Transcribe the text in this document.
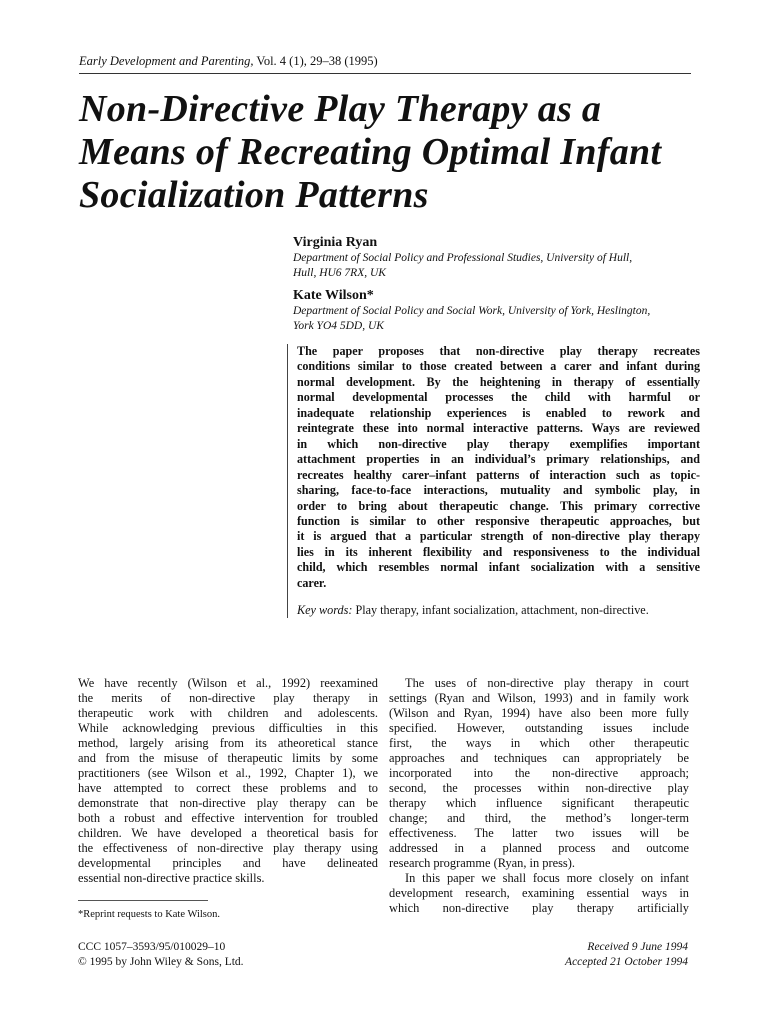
Early Development and Parenting, Vol. 4 (1), 29–38 (1995)
Non-Directive Play Therapy as a
Means of Recreating Optimal Infant
Socialization Patterns
Virginia Ryan
Department of Social Policy and Professional Studies, University of Hull,
Hull, HU6 7RX, UK
Kate Wilson*
Department of Social Policy and Social Work, University of York, Heslington,
York YO4 5DD, UK
The paper proposes that non-directive play therapy recreates
conditions similar to those created between a carer and infant during
normal development. By the heightening in therapy of essentially
normal developmental processes the child with harmful or
inadequate relationship experiences is enabled to rework and
reintegrate these into normal interactive patterns. Ways are reviewed
in which non-directive play therapy exemplifies important
attachment properties in an individual’s primary relationships, and
recreates healthy carer–infant patterns of interaction such as topic-
sharing, face-to-face interactions, mutuality and symbolic play, in
order to bring about therapeutic change. This primary corrective
function is similar to other responsive therapeutic approaches, but
it is argued that a particular strength of non-directive play therapy
lies in its inherent flexibility and responsiveness to the individual
child, which resembles normal infant socialization with a sensitive
carer.
Key words: Play therapy, infant socialization, attachment, non-directive.
We have recently (Wilson et al., 1992) reexamined
the merits of non-directive play therapy in
therapeutic work with children and adolescents.
While acknowledging previous difficulties in this
method, largely arising from its atheoretical stance
and from the misuse of therapeutic limits by some
practitioners (see Wilson et al., 1992, Chapter 1), we
have attempted to correct these problems and to
demonstrate that non-directive play therapy can be
both a robust and effective intervention for troubled
children. We have developed a theoretical basis for
the effectiveness of non-directive play therapy using
developmental principles and have delineated
essential non-directive practice skills.
The uses of non-directive play therapy in court
settings (Ryan and Wilson, 1993) and in family work
(Wilson and Ryan, 1994) have also been more fully
specified. However, outstanding issues include
first, the ways in which other therapeutic
approaches and techniques can appropriately be
incorporated into the non-directive approach;
second, the processes within non-directive play
therapy which influence significant therapeutic
change; and third, the method’s longer-term
effectiveness. The latter two issues will be
addressed in a planned process and outcome
research programme (Ryan, in press).
In this paper we shall focus more closely on infant
development research, examining essential ways in
which non-directive play therapy artificially
*Reprint requests to Kate Wilson.
CCC 1057–3593/95/010029–10
© 1995 by John Wiley & Sons, Ltd.
Received 9 June 1994
Accepted 21 October 1994
